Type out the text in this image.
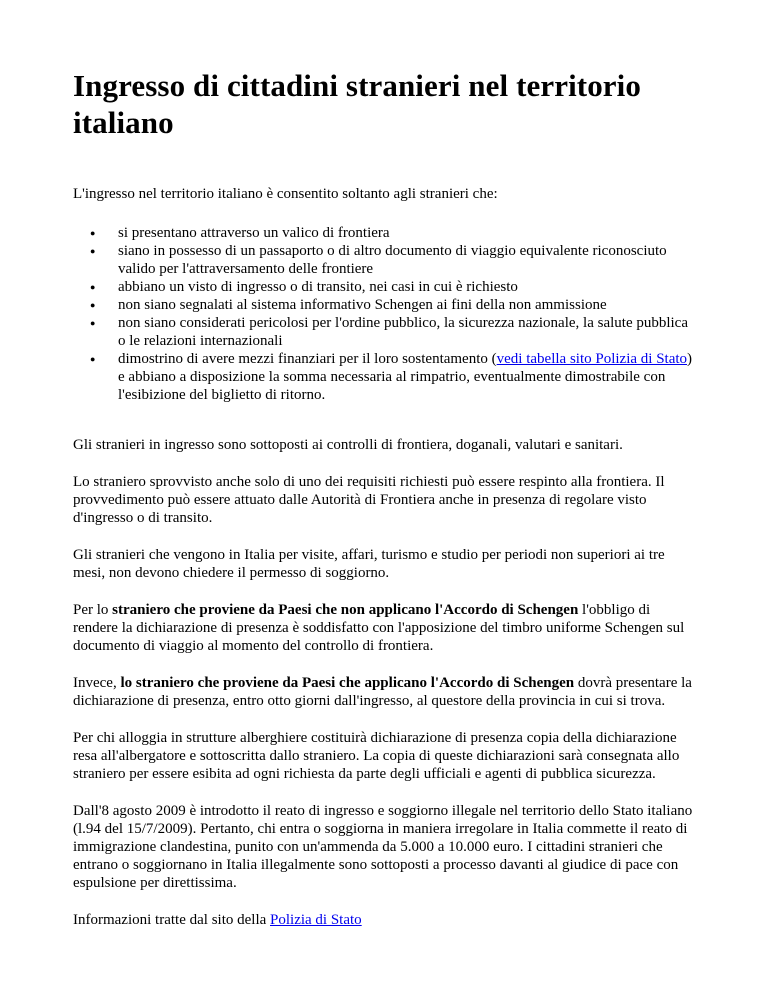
Ingresso di cittadini stranieri nel territorio italiano

L'ingresso nel territorio italiano è consentito soltanto agli stranieri che:

● si presentano attraverso un valico di frontiera
● siano in possesso di un passaporto o di altro documento di viaggio equivalente riconosciuto valido per l'attraversamento delle frontiere
● abbiano un visto di ingresso o di transito, nei casi in cui è richiesto
● non siano segnalati al sistema informativo Schengen ai fini della non ammissione
● non siano considerati pericolosi per l'ordine pubblico, la sicurezza nazionale, la salute pubblica o le relazioni internazionali
● dimostrino di avere mezzi finanziari per il loro sostentamento (vedi tabella sito Polizia di Stato) e abbiano a disposizione la somma necessaria al rimpatrio, eventualmente dimostrabile con l'esibizione del biglietto di ritorno.

Gli stranieri in ingresso sono sottoposti ai controlli di frontiera, doganali, valutari e sanitari.

Lo straniero sprovvisto anche solo di uno dei requisiti richiesti può essere respinto alla frontiera. Il provvedimento può essere attuato dalle Autorità di Frontiera anche in presenza di regolare visto d'ingresso o di transito.

Gli stranieri che vengono in Italia per visite, affari, turismo e studio per periodi non superiori ai tre mesi, non devono chiedere il permesso di soggiorno.

Per lo straniero che proviene da Paesi che non applicano l'Accordo di Schengen l'obbligo di rendere la dichiarazione di presenza è soddisfatto con l'apposizione del timbro uniforme Schengen sul documento di viaggio al momento del controllo di frontiera.

Invece, lo straniero che proviene da Paesi che applicano l'Accordo di Schengen dovrà presentare la dichiarazione di presenza, entro otto giorni dall'ingresso, al questore della provincia in cui si trova.

Per chi alloggia in strutture alberghiere costituirà dichiarazione di presenza copia della dichiarazione resa all'albergatore e sottoscritta dallo straniero. La copia di queste dichiarazioni sarà consegnata allo straniero per essere esibita ad ogni richiesta da parte degli ufficiali e agenti di pubblica sicurezza.

Dall'8 agosto 2009 è introdotto il reato di ingresso e soggiorno illegale nel territorio dello Stato italiano (l.94 del 15/7/2009). Pertanto, chi entra o soggiorna in maniera irregolare in Italia commette il reato di immigrazione clandestina, punito con un'ammenda da 5.000 a 10.000 euro. I cittadini stranieri che entrano o soggiornano in Italia illegalmente sono sottoposti a processo davanti al giudice di pace con espulsione per direttissima.

Informazioni tratte dal sito della Polizia di Stato
